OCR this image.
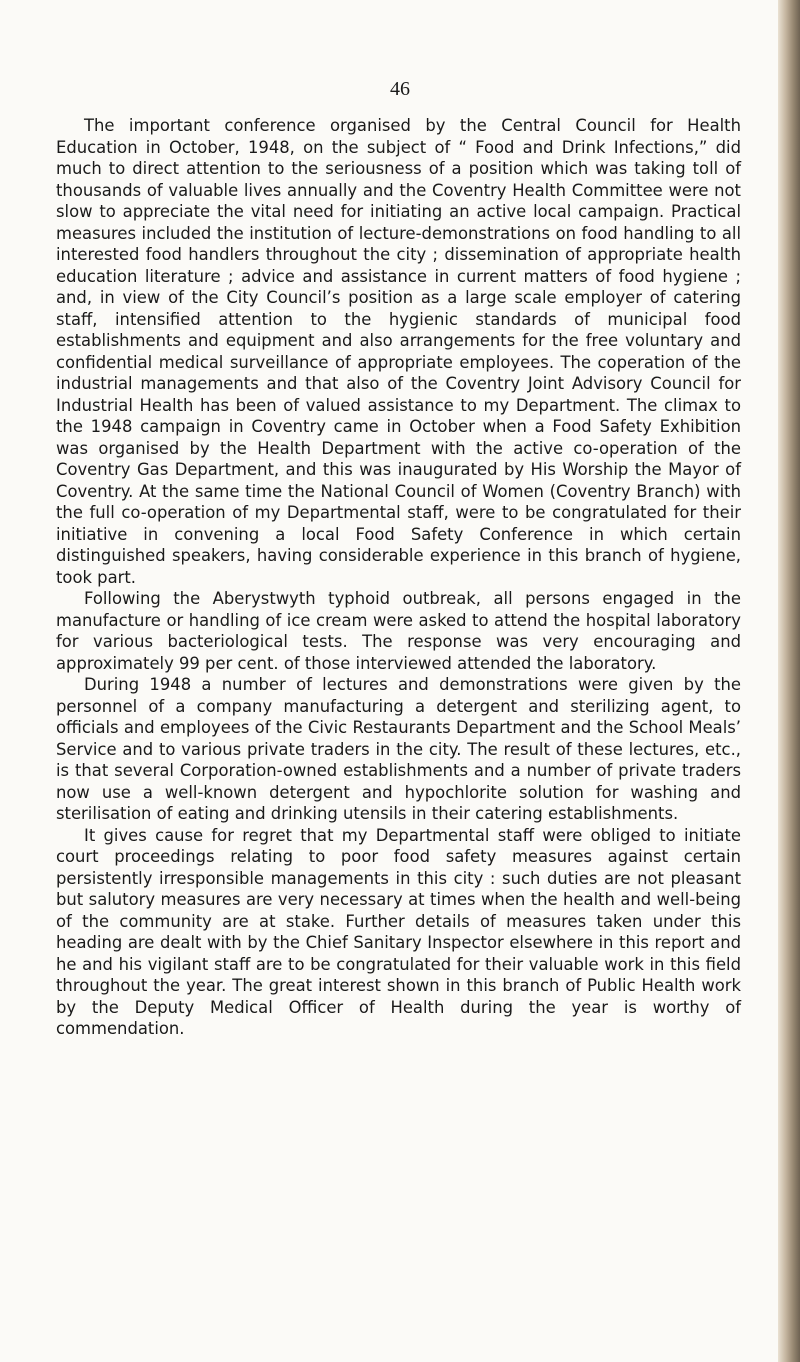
46

The important conference organised by the Central Council for Health Education in October, 1948, on the subject of “ Food and Drink Infections,” did much to direct attention to the seriousness of a position which was taking toll of thousands of valuable lives annually and the Coventry Health Committee were not slow to appreciate the vital need for initiating an active local campaign. Practical measures included the institution of lecture-demonstrations on food handling to all interested food handlers throughout the city ; dissemination of appropriate health education literature ; advice and assistance in current matters of food hygiene ; and, in view of the City Council’s position as a large scale employer of catering staff, intensified attention to the hygienic standards of municipal food establishments and equipment and also arrangements for the free voluntary and confidential medical surveillance of appropriate employees. The coperation of the industrial managements and that also of the Coventry Joint Advisory Council for Industrial Health has been of valued assistance to my Department. The climax to the 1948 campaign in Coventry came in October when a Food Safety Exhibition was organised by the Health Department with the active co-operation of the Coventry Gas Department, and this was inaugurated by His Worship the Mayor of Coventry. At the same time the National Council of Women (Coventry Branch) with the full co-operation of my Departmental staff, were to be congratulated for their initiative in convening a local Food Safety Conference in which certain distinguished speakers, having considerable experience in this branch of hygiene, took part.

Following the Aberystwyth typhoid outbreak, all persons engaged in the manufacture or handling of ice cream were asked to attend the hospital laboratory for various bacteriological tests. The response was very encouraging and approximately 99 per cent. of those interviewed attended the laboratory.

During 1948 a number of lectures and demonstrations were given by the personnel of a company manufacturing a detergent and sterilizing agent, to officials and employees of the Civic Restaurants Department and the School Meals’ Service and to various private traders in the city. The result of these lectures, etc., is that several Corporation-owned establishments and a number of private traders now use a well-known detergent and hypochlorite solution for washing and sterilisation of eating and drinking utensils in their catering establishments.

It gives cause for regret that my Departmental staff were obliged to initiate court proceedings relating to poor food safety measures against certain persistently irresponsible managements in this city : such duties are not pleasant but salutory measures are very necessary at times when the health and well-being of the community are at stake. Further details of measures taken under this heading are dealt with by the Chief Sanitary Inspector elsewhere in this report and he and his vigilant staff are to be congratulated for their valuable work in this field throughout the year. The great interest shown in this branch of Public Health work by the Deputy Medical Officer of Health during the year is worthy of commendation.
